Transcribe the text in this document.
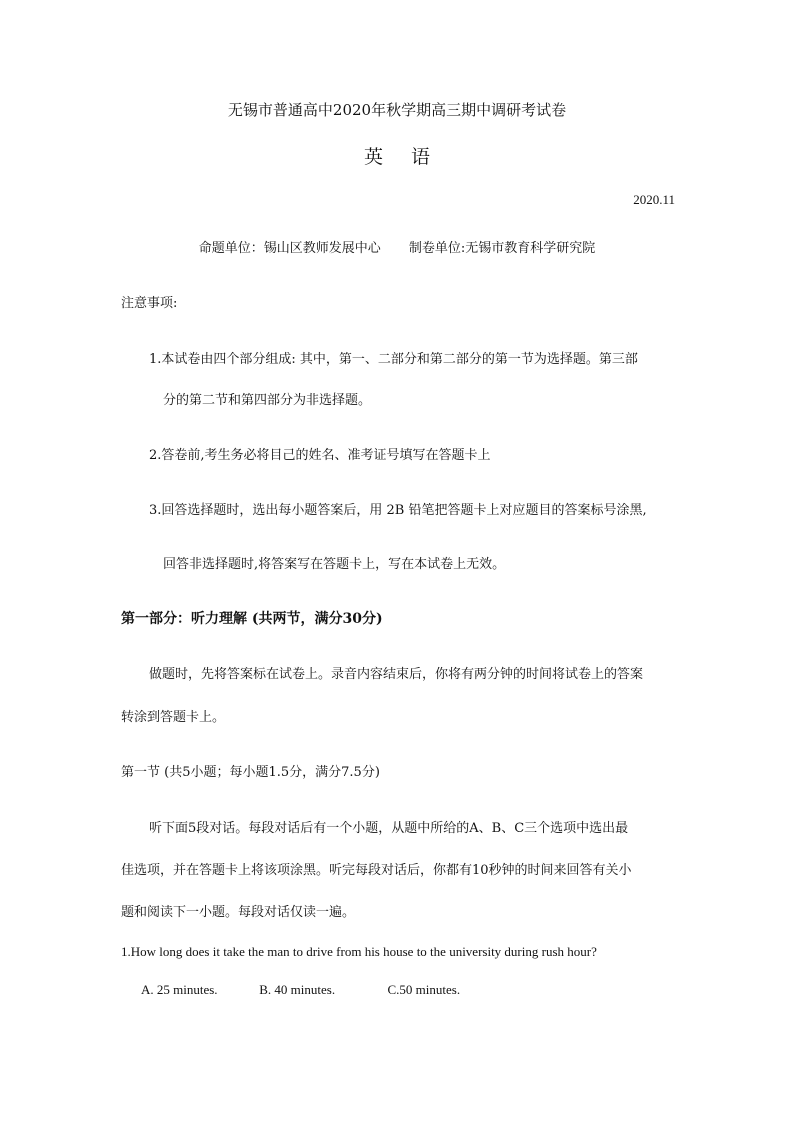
无锡市普通高中2020年秋学期高三期中调研考试卷
英语
2020.11
命题单位：锡山区教师发展中心 制卷单位:无锡市教育科学研究院
注意事项:
1.本试卷由四个部分组成: 其中，第一、二部分和第二部分的第一节为选择题。第三部
分的第二节和第四部分为非选择题。
2.答卷前,考生务必将目己的姓名、准考证号填写在答题卡上
3.回答选择题时，选出每小题答案后，用 2B 铅笔把答题卡上对应题目的答案标号涂黑,
回答非选择题时,将答案写在答题卡上，写在本试卷上无效。
第一部分：听力理解 (共两节，满分30分)
做题时，先将答案标在试卷上。录音内容结束后，你将有两分钟的时间将试卷上的答案
转涂到答题卡上。
第一节 (共5小题；每小题1.5分，满分7.5分)
听下面5段对话。每段对话后有一个小题，从题中所给的A、B、C三个选项中选出最
佳选项，并在答题卡上将该项涂黑。听完每段对话后，你都有10秒钟的时间来回答有关小
题和阅读下一小题。每段对话仅读一遍。
1.How long does it take the man to drive from his house to the university during rush hour?
A. 25 minutes.	B. 40 minutes.	C.50 minutes.
